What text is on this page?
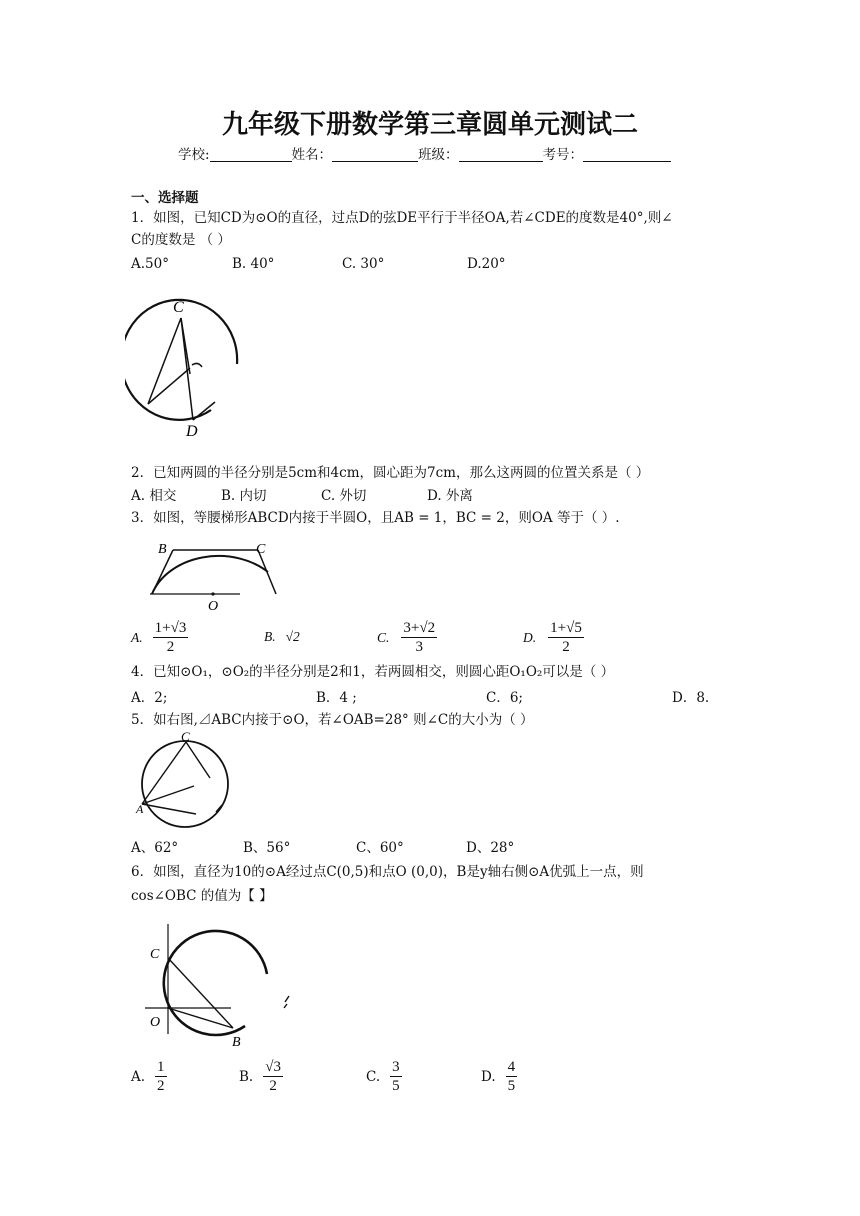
九年级下册数学第三章圆单元测试二
学校:	姓名：	班级：	考号：
一、选择题
1．如图，已知CD为⊙O的直径，过点D的弦DE平行于半径OA,若∠CDE的度数是40°,则∠
C的度数是 （ ）
A.50°	B. 40°	C. 30°	D.20°
C
D
2．已知两圆的半径分别是5cm和4cm，圆心距为7cm，那么这两圆的位置关系是（ ）
A. 相交	B. 内切	C. 外切	D. 外离
3．如图，等腰梯形ABCD内接于半圆O，且AB = 1，BC = 2，则OA 等于（ ）.
B	C
O
A. $\frac{1+√3}{2}$	B. √2	C. $\frac{3+√2}{3}$	D. $\frac{1+√5}{2}$
4．已知⊙O₁，⊙O₂的半径分别是2和1，若两圆相交，则圆心距O₁O₂可以是（ ）
A．2;	B．4 ;	C．6;	D．8.
5．如右图,⊿ABC内接于⊙O，若∠OAB=28° 则∠C的大小为（ ）
C
A
A、62°	B、56°	C、60°	D、28°
6．如图，直径为10的⊙A经过点C(0,5)和点O (0,0)，B是y轴右侧⊙A优弧上一点，则
cos∠OBC 的值为【 】
C
O
B
A. $\frac{1}{2}$	B. $\frac{√3}{2}$	C. $\frac{3}{5}$	D. $\frac{4}{5}$
